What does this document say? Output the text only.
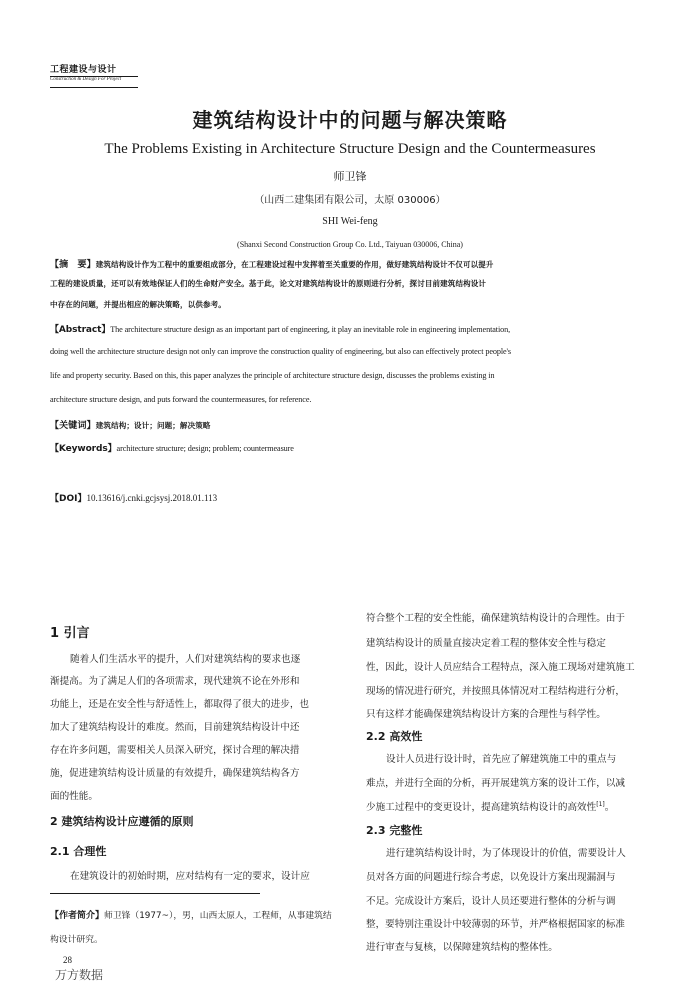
工程建设与设计
Construction & Design For Project
建筑结构设计中的问题与解决策略
The Problems Existing in Architecture Structure Design and the Countermeasures
师卫锋
（山西二建集团有限公司，太原 030006）
SHI Wei-feng
(Shanxi Second Construction Group Co. Ltd., Taiyuan 030006, China)
【摘　要】建筑结构设计作为工程中的重要组成部分，在工程建设过程中发挥着至关重要的作用，做好建筑结构设计不仅可以提升
工程的建设质量，还可以有效地保证人们的生命财产安全。基于此，论文对建筑结构设计的原则进行分析，探讨目前建筑结构设计
中存在的问题，并提出相应的解决策略，以供参考。
【Abstract】The architecture structure design as an important part of engineering, it play an inevitable role in engineering implementation,
doing well the architecture structure design not only can improve the construction quality of engineering, but also can effectively protect people's
life and property security. Based on this, this paper analyzes the principle of architecture structure design, discusses the problems existing in
architecture structure design, and puts forward the countermeasures, for reference.
【关键词】建筑结构；设计；问题；解决策略
【Keywords】architecture structure; design; problem; countermeasure
【DOI】10.13616/j.cnki.gcjsysj.2018.01.113
1 引言
随着人们生活水平的提升，人们对建筑结构的要求也逐
渐提高。为了满足人们的各项需求，现代建筑不论在外形和
功能上，还是在安全性与舒适性上，都取得了很大的进步，也
加大了建筑结构设计的难度。然而，目前建筑结构设计中还
存在许多问题，需要相关人员深入研究，探讨合理的解决措
施，促进建筑结构设计质量的有效提升，确保建筑结构各方
面的性能。
2 建筑结构设计应遵循的原则
2.1 合理性
在建筑设计的初始时期，应对结构有一定的要求，设计应
【作者简介】师卫锋（1977~），男，山西太原人，工程师，从事建筑结
构设计研究。
符合整个工程的安全性能，确保建筑结构设计的合理性。由于
建筑结构设计的质量直接决定着工程的整体安全性与稳定
性，因此，设计人员应结合工程特点，深入施工现场对建筑施工
现场的情况进行研究，并按照具体情况对工程结构进行分析，
只有这样才能确保建筑结构设计方案的合理性与科学性。
2.2 高效性
设计人员进行设计时，首先应了解建筑施工中的重点与
难点，并进行全面的分析，再开展建筑方案的设计工作，以减
少施工过程中的变更设计，提高建筑结构设计的高效性[1]。
2.3 完整性
进行建筑结构设计时，为了体现设计的价值，需要设计人
员对各方面的问题进行综合考虑，以免设计方案出现漏洞与
不足。完成设计方案后，设计人员还要进行整体的分析与调
整，要特别注重设计中较薄弱的环节，并严格根据国家的标准
进行审查与复核，以保障建筑结构的整体性。
28
万方数据
